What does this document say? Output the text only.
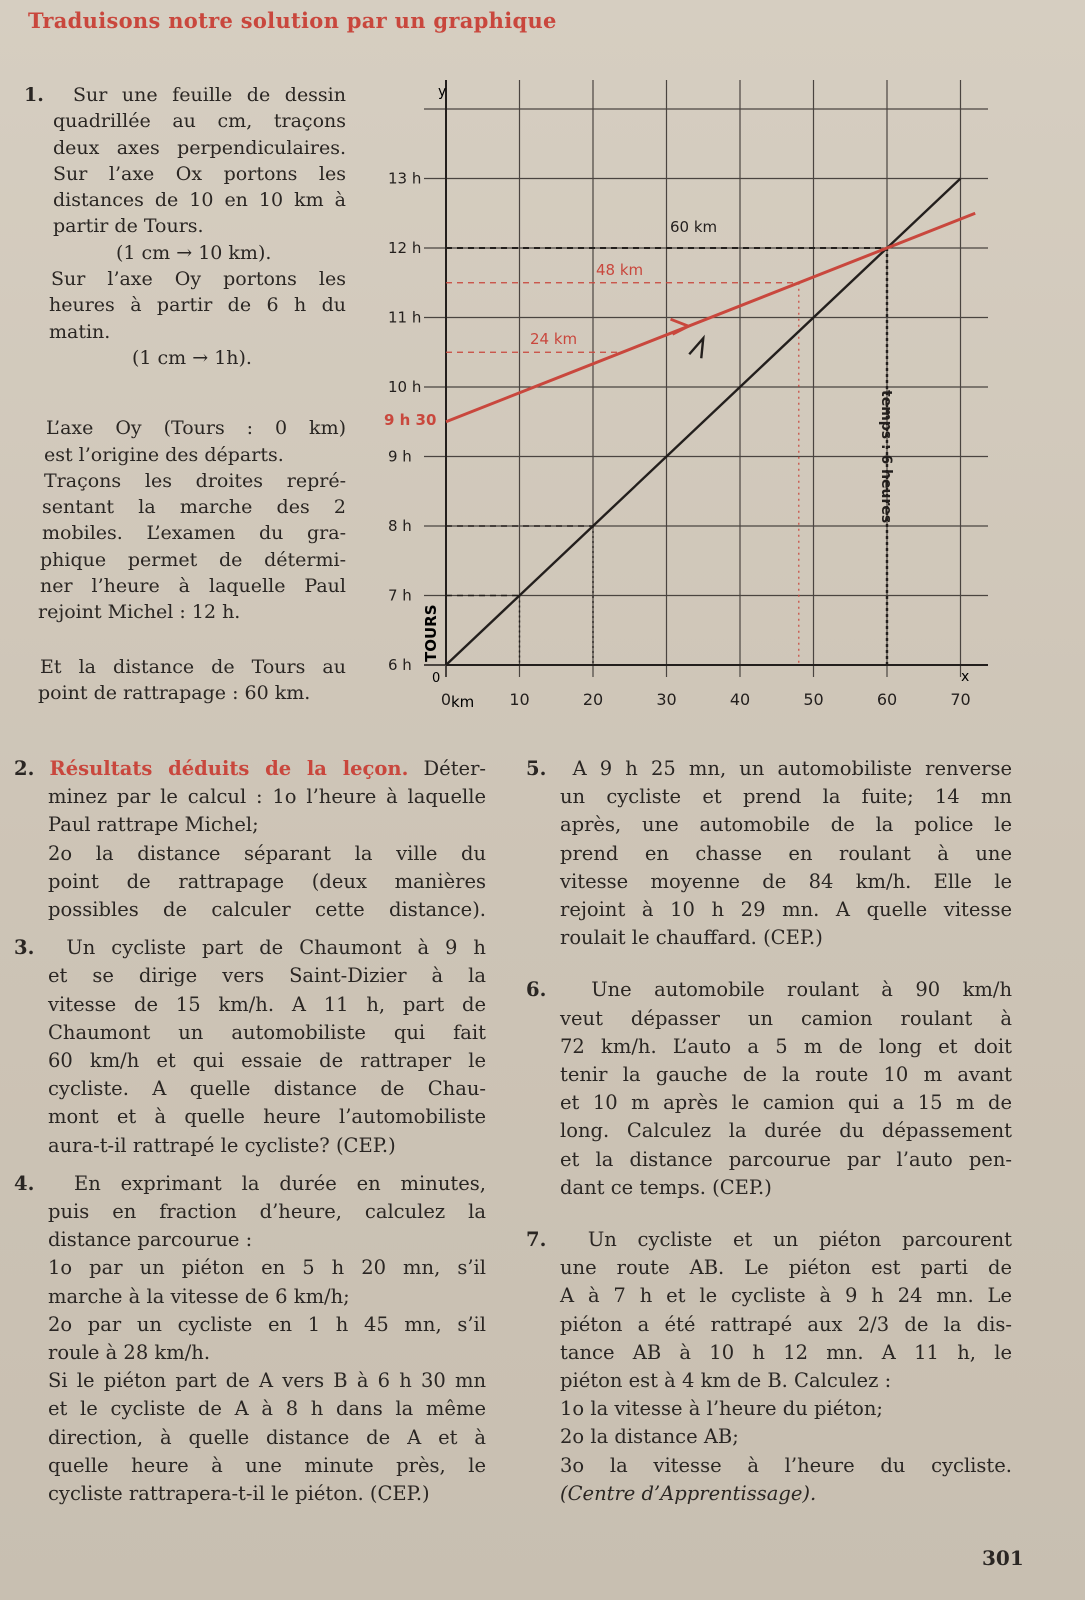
Traduisons notre solution par un graphique
1. Sur une feuille de dessin
quadrillée au cm, traçons
deux axes perpendiculaires.
Sur l’axe Ox portons les
distances de 10 en 10 km à
partir de Tours.
(1 cm → 10 km).
Sur l’axe Oy portons les
heures à partir de 6 h du
matin.
(1 cm → 1h).
L’axe Oy (Tours : 0 km)
est l’origine des départs.
Traçons les droites repré-
sentant la marche des 2
mobiles. L’examen du gra-
phique permet de détermi-
ner l’heure à laquelle Paul
rejoint Michel : 12 h.
Et la distance de Tours au
point de rattrapage : 60 km.
y
x
0
TOURS
km
6 h
7 h
8 h
9 h
10 h
11 h
12 h
13 h
0	10	20	30	40	50	60	70
60 km
48 km
24 km
temps : 6 heures
9 h 30
2. Résultats déduits de la leçon. Déter-
minez par le calcul : 1o l’heure à laquelle
Paul rattrape Michel;
2o la distance séparant la ville du
point de rattrapage (deux manières
possibles de calculer cette distance).
3. Un cycliste part de Chaumont à 9 h
et se dirige vers Saint-Dizier à la
vitesse de 15 km/h. A 11 h, part de
Chaumont un automobiliste qui fait
60 km/h et qui essaie de rattraper le
cycliste. A quelle distance de Chau-
mont et à quelle heure l’automobiliste
aura-t-il rattrapé le cycliste? (CEP.)
4. En exprimant la durée en minutes,
puis en fraction d’heure, calculez la
distance parcourue :
1o par un piéton en 5 h 20 mn, s’il
marche à la vitesse de 6 km/h;
2o par un cycliste en 1 h 45 mn, s’il
roule à 28 km/h.
Si le piéton part de A vers B à 6 h 30 mn
et le cycliste de A à 8 h dans la même
direction, à quelle distance de A et à
quelle heure à une minute près, le
cycliste rattrapera-t-il le piéton. (CEP.)
5. A 9 h 25 mn, un automobiliste renverse
un cycliste et prend la fuite; 14 mn
après, une automobile de la police le
prend en chasse en roulant à une
vitesse moyenne de 84 km/h. Elle le
rejoint à 10 h 29 mn. A quelle vitesse
roulait le chauffard. (CEP.)
6. Une automobile roulant à 90 km/h
veut dépasser un camion roulant à
72 km/h. L’auto a 5 m de long et doit
tenir la gauche de la route 10 m avant
et 10 m après le camion qui a 15 m de
long. Calculez la durée du dépassement
et la distance parcourue par l’auto pen-
dant ce temps. (CEP.)
7. Un cycliste et un piéton parcourent
une route AB. Le piéton est parti de
A à 7 h et le cycliste à 9 h 24 mn. Le
piéton a été rattrapé aux 2/3 de la dis-
tance AB à 10 h 12 mn. A 11 h, le
piéton est à 4 km de B. Calculez :
1o la vitesse à l’heure du piéton;
2o la distance AB;
3o la vitesse à l’heure du cycliste.
(Centre d’Apprentissage).
301
